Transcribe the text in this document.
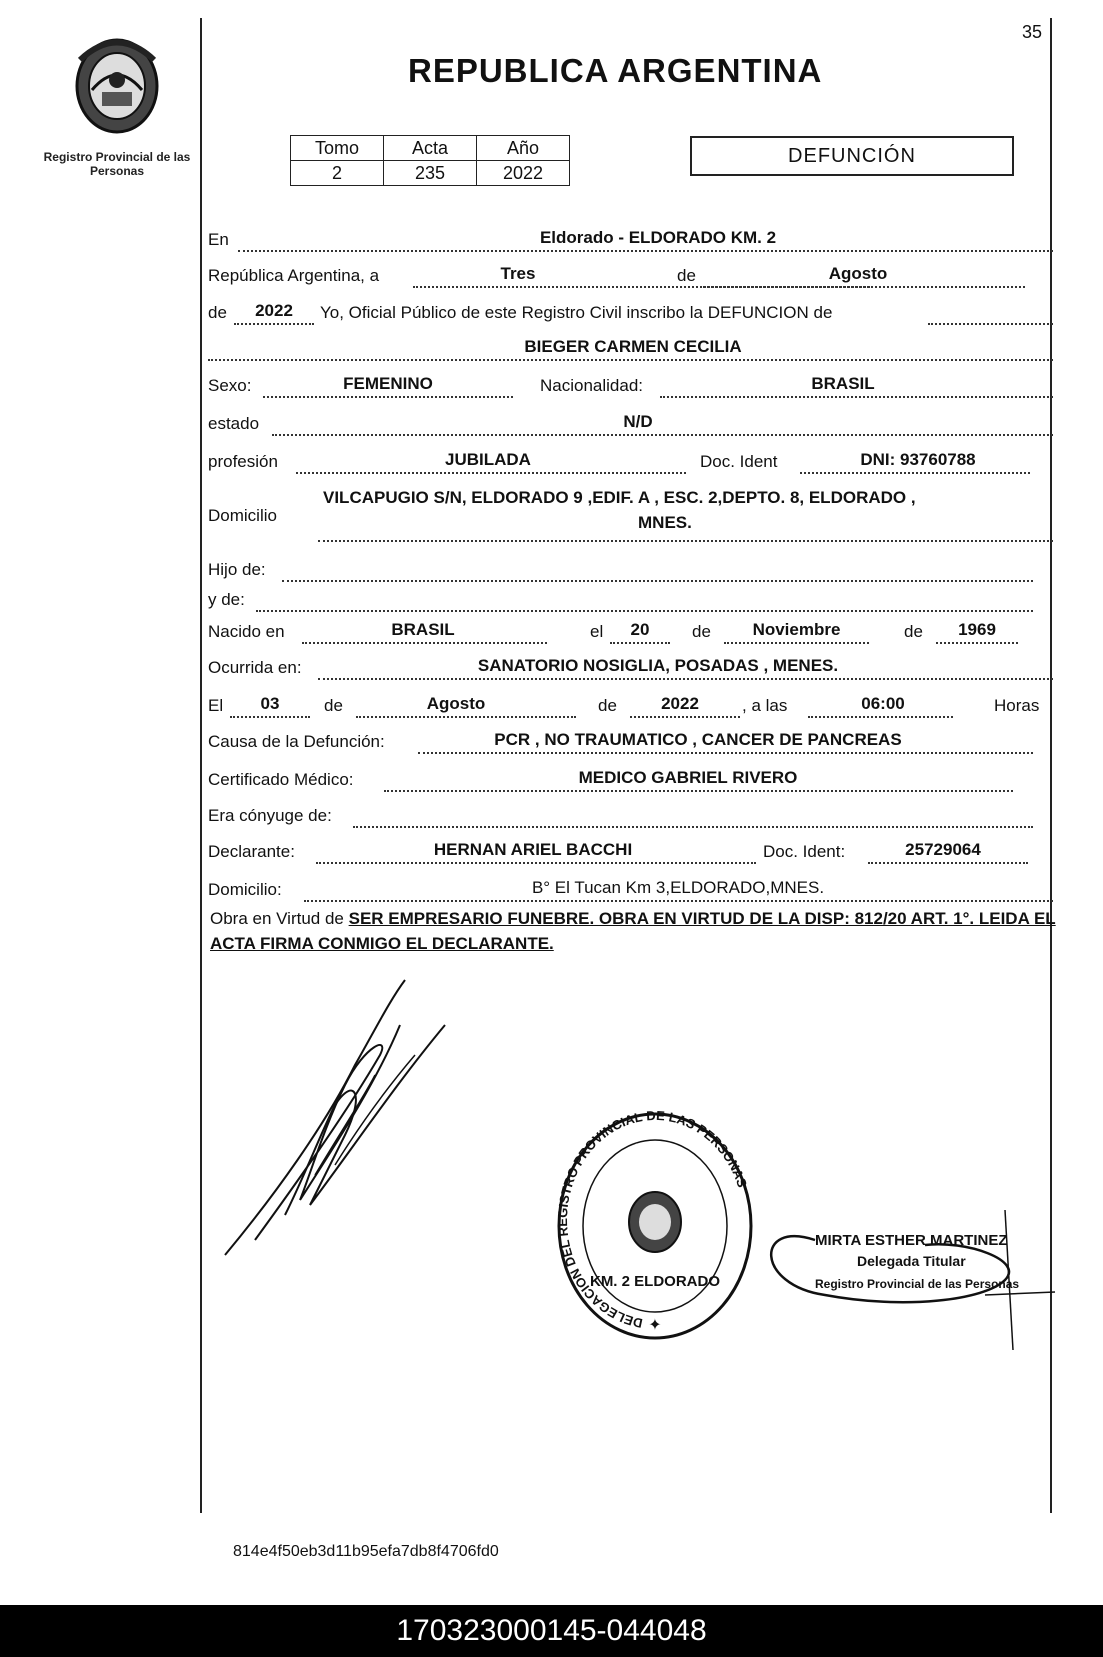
Registro Provincial de las Personas
35
REPUBLICA ARGENTINA
Tomo	Acta	Año
2	235	2022
DEFUNCIÓN
En	Eldorado - ELDORADO KM. 2
República Argentina, a	Tres	de	Agosto
de	2022	Yo, Oficial Público de este Registro Civil inscribo la DEFUNCION de
BIEGER CARMEN CECILIA
Sexo:	FEMENINO	Nacionalidad:	BRASIL
estado	N/D
profesión	JUBILADA	Doc. Ident	DNI: 93760788
Domicilio
VILCAPUGIO S/N, ELDORADO 9 ,EDIF. A , ESC. 2,DEPTO. 8, ELDORADO ,
MNES.
Hijo de:
y de:
Nacido en	BRASIL	el	20	de	Noviembre	de	1969
Ocurrida en:	SANATORIO NOSIGLIA, POSADAS , MENES.
El	03	de	Agosto	de	2022	, a las	06:00	Horas
Causa de la Defunción:	PCR , NO TRAUMATICO , CANCER DE PANCREAS
Certificado Médico:	MEDICO GABRIEL RIVERO
Era cónyuge de:
Declarante:	HERNAN ARIEL BACCHI	Doc. Ident:	25729064
Domicilio:	B° El Tucan Km 3,ELDORADO,MNES.
Obra en Virtud de SER EMPRESARIO FUNEBRE. OBRA EN VIRTUD DE LA DISP: 812/20 ART. 1°. LEIDA EL ACTA FIRMA CONMIGO EL DECLARANTE.
DELEGACION DEL REGISTRO PROVINCIAL DE LAS PERSONAS
KM. 2 ELDORADO
✦
MIRTA ESTHER MARTINEZ
Delegada Titular
Registro Provincial de las Personas
814e4f50eb3d11b95efa7db8f4706fd0
170323000145-044048
